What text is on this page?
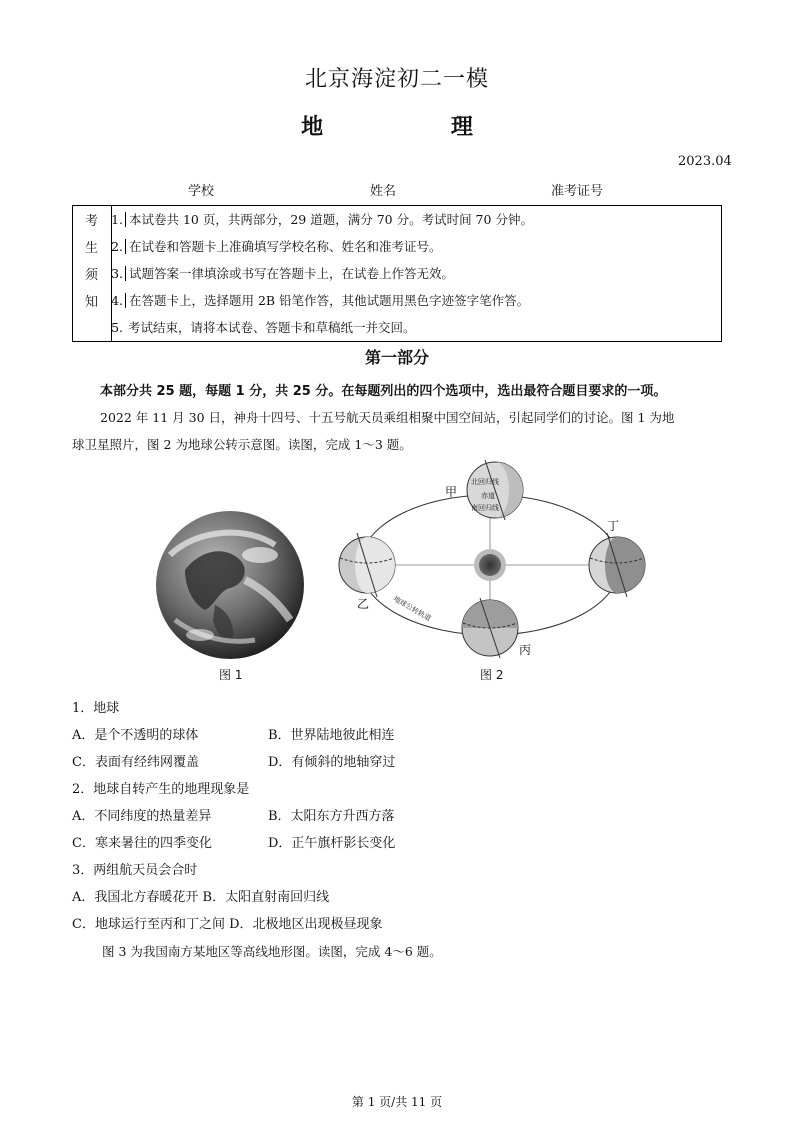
北京海淀初二一模
地 理
2023.04
学校	姓名	准考证号
考
生
须
知
1. 本试卷共 10 页，共两部分，29 道题，满分 70 分。考试时间 70 分钟。
2. 在试卷和答题卡上准确填写学校名称、姓名和准考证号。
3. 试题答案一律填涂或书写在答题卡上，在试卷上作答无效。
4. 在答题卡上，选择题用 2B 铅笔作答，其他试题用黑色字迹签字笔作答。
5. 考试结束，请将本试卷、答题卡和草稿纸一并交回。
第一部分
本部分共 25 题，每题 1 分，共 25 分。在每题列出的四个选项中，选出最符合题目要求的一项。
2022 年 11 月 30 日，神舟十四号、十五号航天员乘组相聚中国空间站，引起同学们的讨论。图 1 为地
球卫星照片，图 2 为地球公转示意图。读图，完成 1～3 题。
图 1
北回归线
赤道
南回归线
甲
乙
丙
丁
地球公转轨道
图 2
1．地球
A．是个不透明的球体	B．世界陆地彼此相连
C．表面有经纬网覆盖	D．有倾斜的地轴穿过
2．地球自转产生的地理现象是
A．不同纬度的热量差异	B．太阳东方升西方落
C．寒来暑往的四季变化	D．正午旗杆影长变化
3．两组航天员会合时
A．我国北方春暖花开 B．太阳直射南回归线
C．地球运行至丙和丁之间 D．北极地区出现极昼现象
图 3 为我国南方某地区等高线地形图。读图，完成 4～6 题。
第 1 页/共 11 页
